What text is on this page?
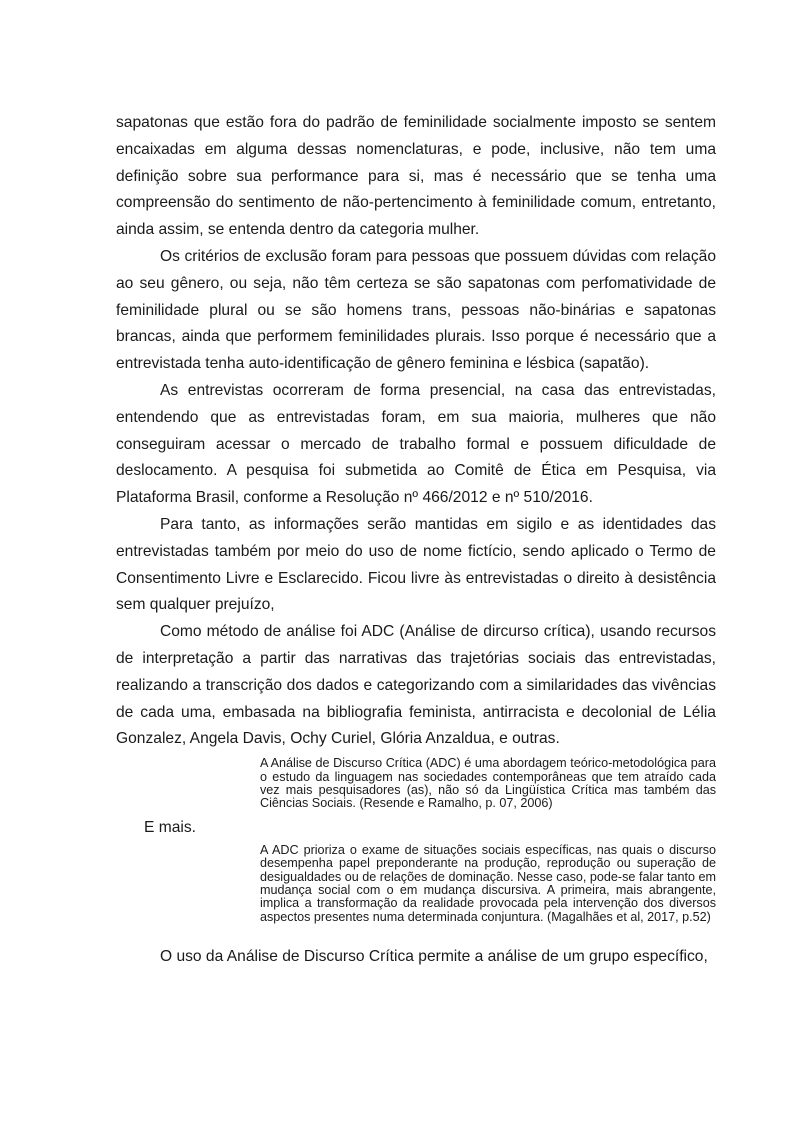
sapatonas que estão fora do padrão de feminilidade socialmente imposto se sentem encaixadas em alguma dessas nomenclaturas, e pode, inclusive, não tem uma definição sobre sua performance para si, mas é necessário que se tenha uma compreensão do sentimento de não-pertencimento à feminilidade comum, entretanto, ainda assim, se entenda dentro da categoria mulher.

Os critérios de exclusão foram para pessoas que possuem dúvidas com relação ao seu gênero, ou seja, não têm certeza se são sapatonas com perfomatividade de feminilidade plural ou se são homens trans, pessoas não-binárias e sapatonas brancas, ainda que performem feminilidades plurais. Isso porque é necessário que a entrevistada tenha auto-identificação de gênero feminina e lésbica (sapatão).

As entrevistas ocorreram de forma presencial, na casa das entrevistadas, entendendo que as entrevistadas foram, em sua maioria, mulheres que não conseguiram acessar o mercado de trabalho formal e possuem dificuldade de deslocamento. A pesquisa foi submetida ao Comitê de Ética em Pesquisa, via Plataforma Brasil, conforme a Resolução nº 466/2012 e nº 510/2016.

Para tanto, as informações serão mantidas em sigilo e as identidades das entrevistadas também por meio do uso de nome fictício, sendo aplicado o Termo de Consentimento Livre e Esclarecido. Ficou livre às entrevistadas o direito à desistência sem qualquer prejuízo,

Como método de análise foi ADC (Análise de dircurso crítica), usando recursos de interpretação a partir das narrativas das trajetórias sociais das entrevistadas, realizando a transcrição dos dados e categorizando com a similaridades das vivências de cada uma, embasada na bibliografia feminista, antirracista e decolonial de Lélia Gonzalez, Angela Davis, Ochy Curiel, Glória Anzaldua, e outras.

A Análise de Discurso Crítica (ADC) é uma abordagem teórico-metodológica para o estudo da linguagem nas sociedades contemporâneas que tem atraído cada vez mais pesquisadores (as), não só da Lingüística Crítica mas também das Ciências Sociais. (Resende e Ramalho, p. 07, 2006)

E mais.

A ADC prioriza o exame de situações sociais específicas, nas quais o discurso desempenha papel preponderante na produção, reprodução ou superação de desigualdades ou de relações de dominação. Nesse caso, pode-se falar tanto em mudança social com o em mudança discursiva. A primeira, mais abrangente, implica a transformação da realidade provocada pela intervenção dos diversos aspectos presentes numa determinada conjuntura. (Magalhães et al, 2017, p.52)

O uso da Análise de Discurso Crítica permite a análise de um grupo específico,
